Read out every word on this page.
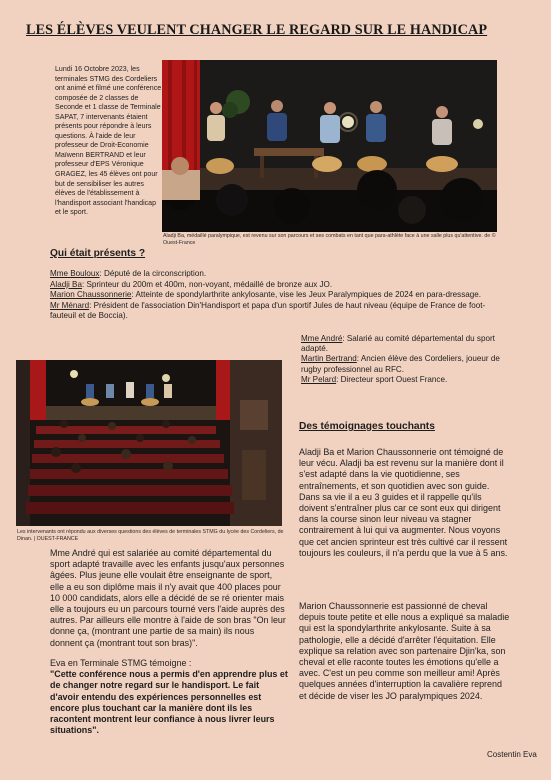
LES ÉLÈVES VEULENT CHANGER LE REGARD SUR LE HANDICAP
Lundi 16 Octobre 2023, les terminales STMG des Cordeliers ont animé et filmé une conférence composée de 2 classes de Seconde et 1 classe de Terminale SAPAT, 7 intervenants étaient présents pour répondre à leurs questions. À l'aide de leur professeur de Droit-Economie Maïwenn BERTRAND et leur professeur d'EPS Véronique GRAGEZ, les 45 élèves ont pour but de sensibiliser les autres élèves de l'établissement à l'handisport associant l'handicap et le sport.
Aladji Ba, médaillé paralympique, est revenu sur son parcours et ses combats en tant que para-athlète face à une salle plus qu'attentive. de © Ouest-France
Qui était présents ?

Mme Bouloux: Député de la circonscription.

Aladji Ba: Sprinteur du 200m et 400m, non-voyant, médaillé de bronze aux JO.

Marion Chaussonnerie: Atteinte de spondylarthrite ankylosante, vise les Jeux Paralympiques de 2024 en para-dressage.

Mr Ménard: Président de l'association Din'Handisport et papa d'un sportif Jules de haut niveau (équipe de France de foot-fauteuil et de Boccia).

Mme André: Salarié au comité départemental du sport adapté.

Martin Bertrand: Ancien élève des Cordeliers, joueur de rugby professionnel au RFC.

Mr Pelard: Directeur sport Ouest France.

Les intervenants ont répondu aux diverses questions des élèves de terminales STMG du lycée des Cordeliers, de Dinan. | OUEST-FRANCE
Des témoignages touchants
Mme André qui est salariée au comité départemental du sport adapté travaille avec les enfants jusqu'aux personnes âgées. Plus jeune elle voulait être enseignante de sport, elle a eu son diplôme mais il n'y avait que 400 places pour 10 000 candidats, alors elle a décidé de se ré orienter mais elle a toujours eu un parcours tourné vers l'aide auprès des autres. Par ailleurs elle montre à l'aide de son bras "On leur donne ça, (montrant une partie de sa main) ils nous donnent ça (montrant tout son bras)".
Eva en Terminale STMG témoigne :
"Cette conférence nous a permis d'en apprendre plus et de changer notre regard sur le handisport. Le fait d'avoir entendu des expériences personnelles est encore plus touchant car la manière dont ils les racontent montrent leur confiance à nous livrer leurs situations".
Aladji Ba et Marion Chaussonnerie ont témoigné de leur vécu. Aladji ba est revenu sur la manière dont il s'est adapté dans la vie quotidienne, ses entraînements, et son quotidien avec son guide. Dans sa vie il a eu 3 guides et il rappelle qu'ils doivent s'entraîner plus car ce sont eux qui dirigent dans la course sinon leur niveau va stagner contrairement à lui qui va augmenter. Nous voyons que cet ancien sprinteur est très cultivé car il ressent toujours les couleurs, il n'a perdu que la vue à 5 ans.
Marion Chaussonnerie est passionné de cheval depuis toute petite et elle nous a expliqué sa maladie qui est la spondylarthrite ankylosante. Suite à sa pathologie, elle a décidé d'arrêter l'équitation. Elle explique sa relation avec son partenaire Djin'ka, son cheval et elle raconte toutes les émotions qu'elle a avec. C'est un peu comme son meilleur ami! Après quelques années d'interruption la cavalière reprend et décide de viser les JO paralympiques 2024.
Costentin Eva
